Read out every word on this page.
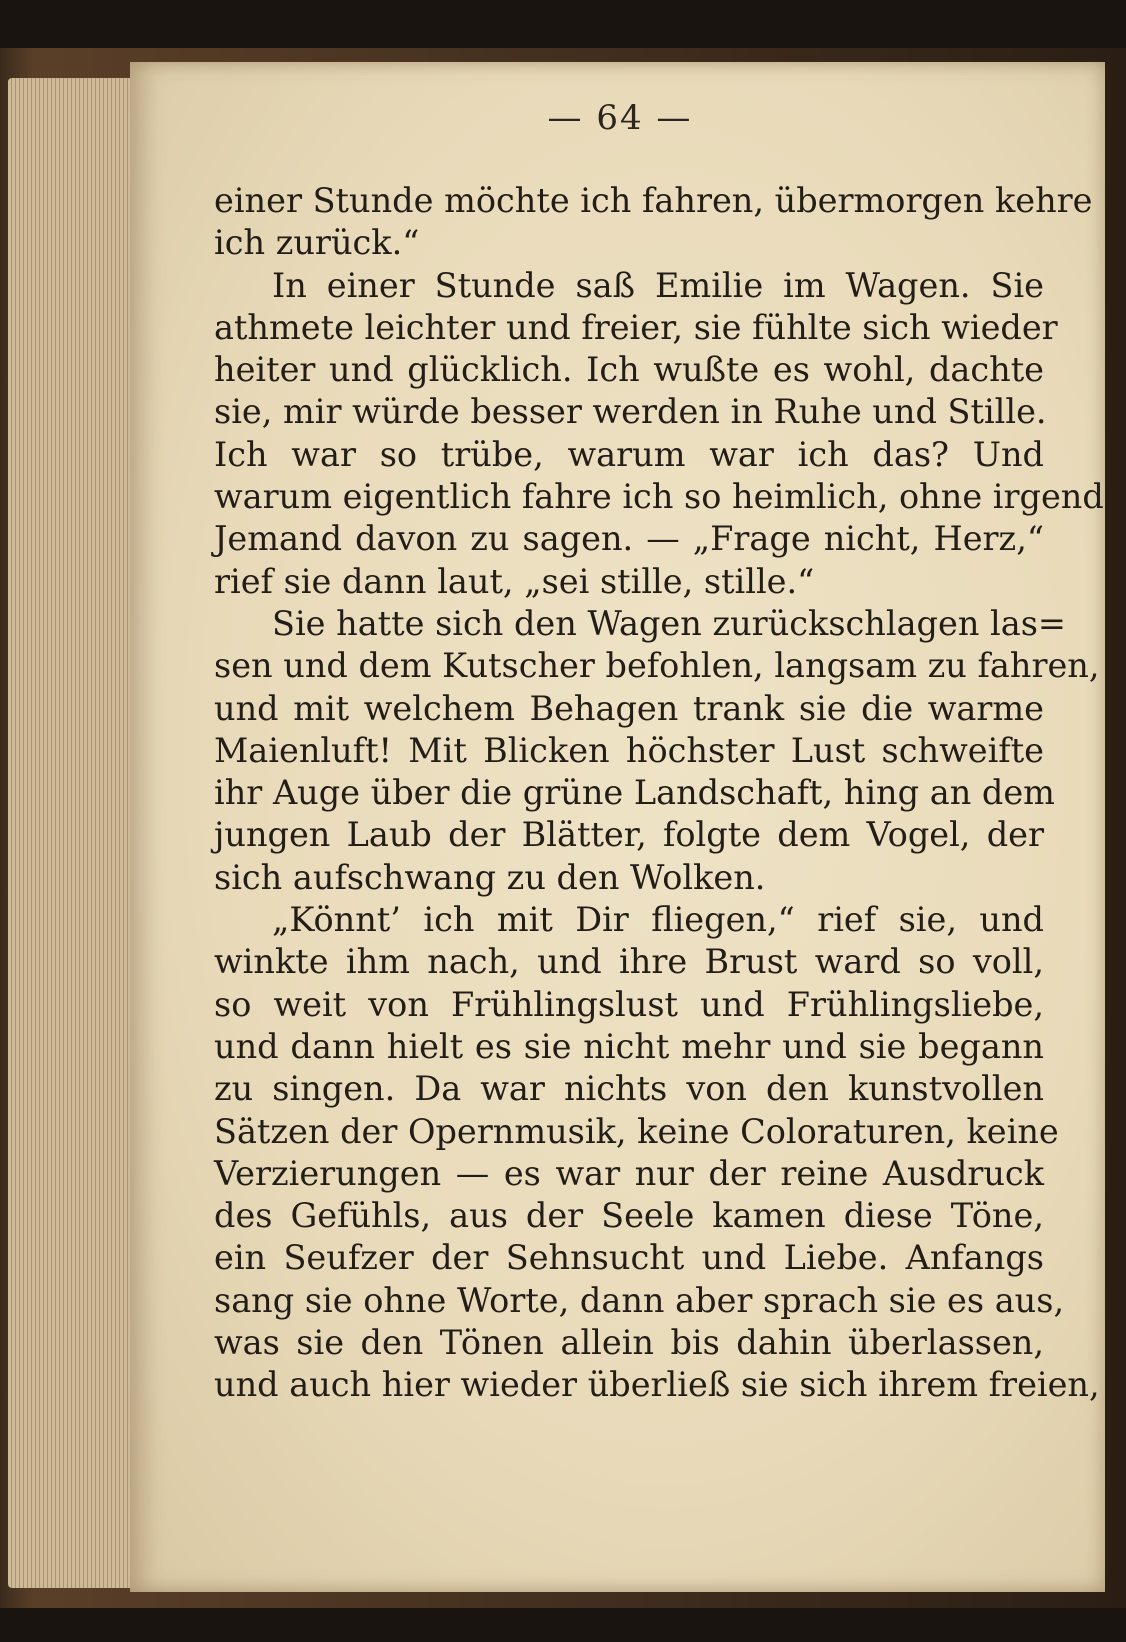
— 64 —
einer Stunde möchte ich fahren, übermorgen kehre
ich zurück.“
In einer Stunde saß Emilie im Wagen. Sie
athmete leichter und freier, sie fühlte sich wieder
heiter und glücklich. Ich wußte es wohl, dachte
sie, mir würde besser werden in Ruhe und Stille.
Ich war so trübe, warum war ich das? Und
warum eigentlich fahre ich so heimlich, ohne irgend
Jemand davon zu sagen. — „Frage nicht, Herz,“
rief sie dann laut, „sei stille, stille.“
Sie hatte sich den Wagen zurückschlagen las=
sen und dem Kutscher befohlen, langsam zu fahren,
und mit welchem Behagen trank sie die warme
Maienluft! Mit Blicken höchster Lust schweifte
ihr Auge über die grüne Landschaft, hing an dem
jungen Laub der Blätter, folgte dem Vogel, der
sich aufschwang zu den Wolken.
„Könnt’ ich mit Dir fliegen,“ rief sie, und
winkte ihm nach, und ihre Brust ward so voll,
so weit von Frühlingslust und Frühlingsliebe,
und dann hielt es sie nicht mehr und sie begann
zu singen. Da war nichts von den kunstvollen
Sätzen der Opernmusik, keine Coloraturen, keine
Verzierungen — es war nur der reine Ausdruck
des Gefühls, aus der Seele kamen diese Töne,
ein Seufzer der Sehnsucht und Liebe. Anfangs
sang sie ohne Worte, dann aber sprach sie es aus,
was sie den Tönen allein bis dahin überlassen,
und auch hier wieder überließ sie sich ihrem freien,
